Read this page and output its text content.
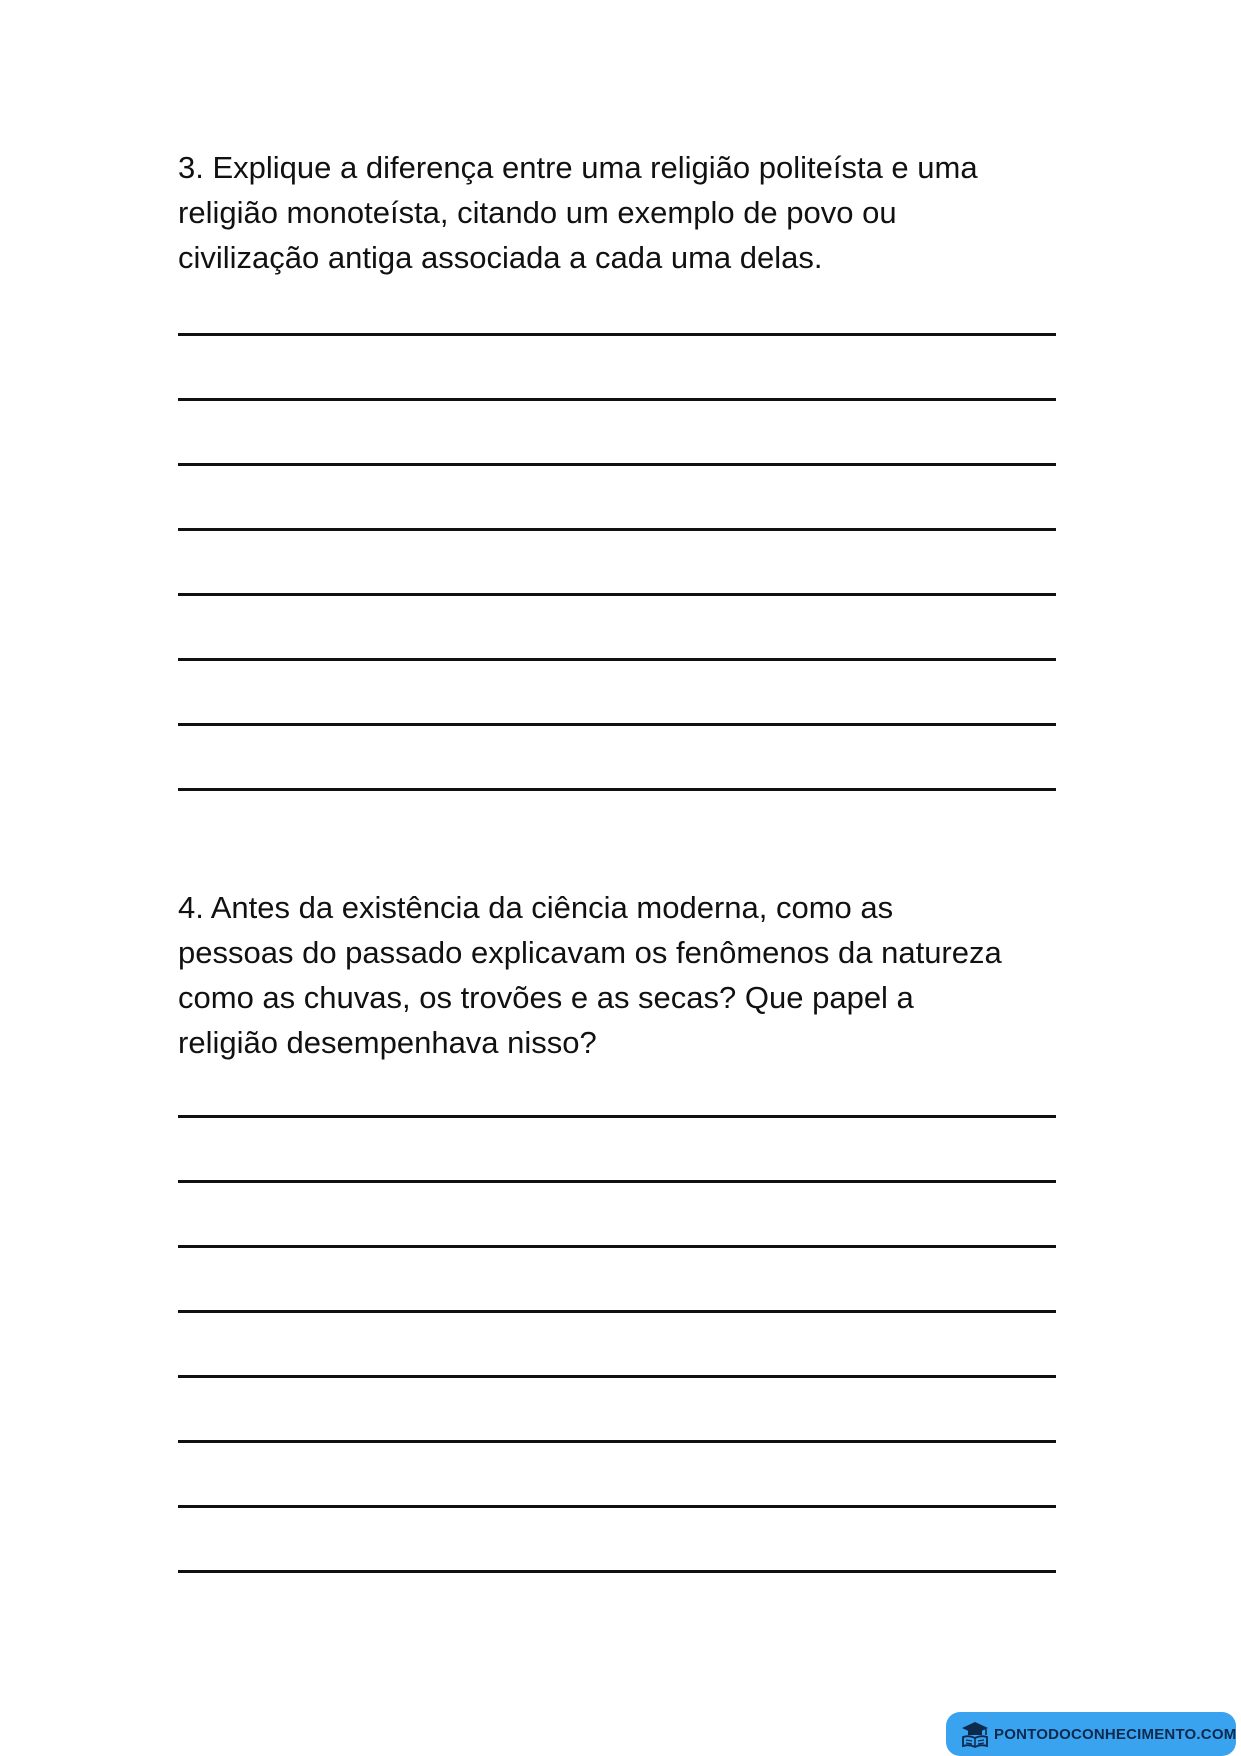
3. Explique a diferença entre uma religião politeísta e uma
religião monoteísta, citando um exemplo de povo ou
civilização antiga associada a cada uma delas.
4. Antes da existência da ciência moderna, como as
pessoas do passado explicavam os fenômenos da natureza
como as chuvas, os trovões e as secas? Que papel a
religião desempenhava nisso?
PONTODOCONHECIMENTO.COM
